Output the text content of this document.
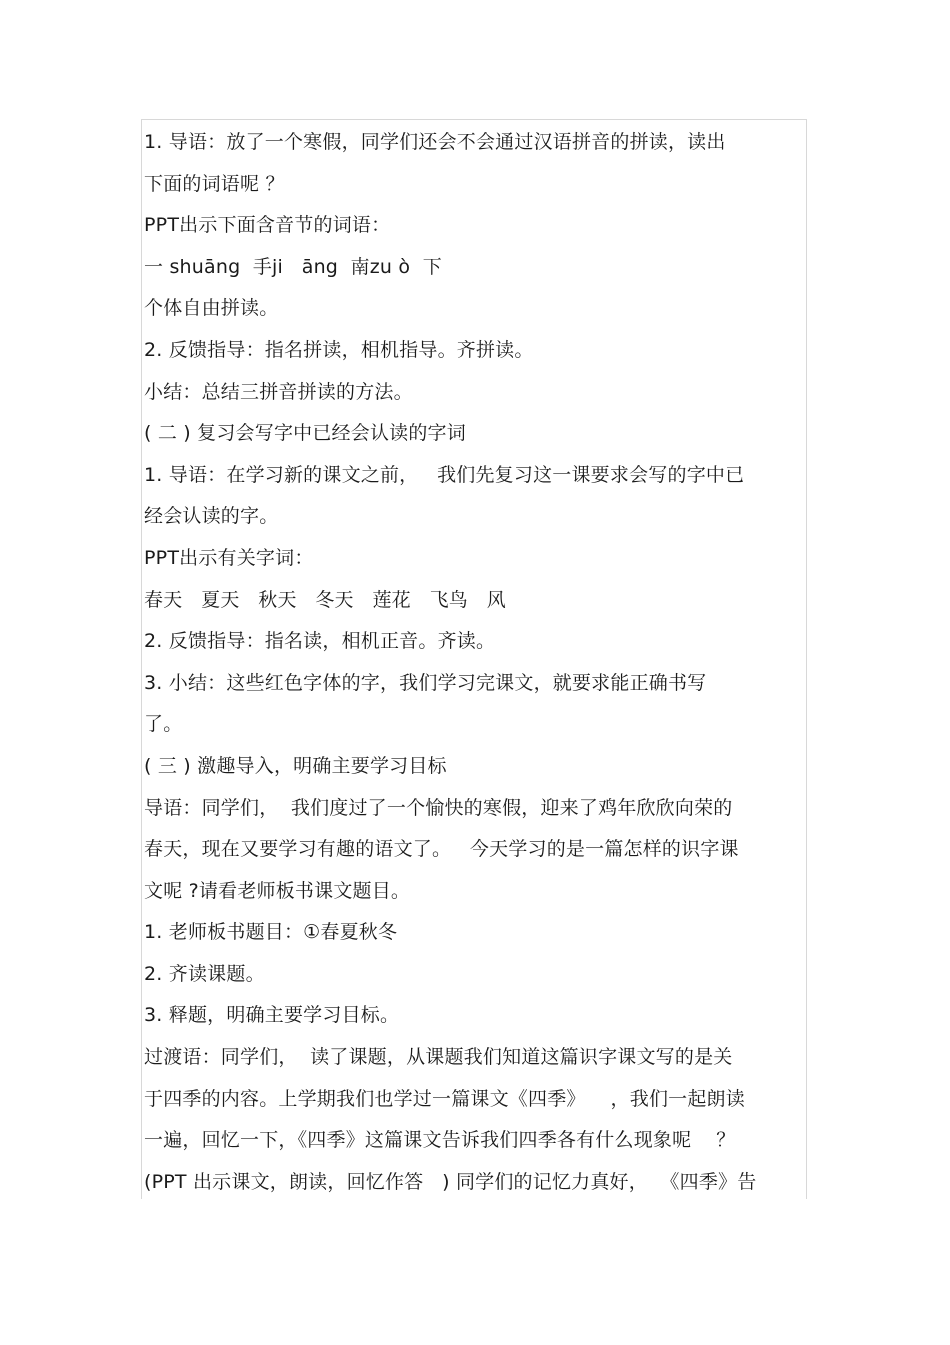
1. 导语：放了一个寒假，同学们还会不会通过汉语拼音的拼读，读出
下面的词语呢 ？
PPT出示下面含音节的词语：
一 shuāng  手ji   āng  南zu ò  下
个体自由拼读。
2. 反馈指导：指名拼读，相机指导。齐拼读。
小结：总结三拼音拼读的方法。
( 二 ) 复习会写字中已经会认读的字词
1. 导语：在学习新的课文之前，   我们先复习这一课要求会写的字中已
经会认读的字。
PPT出示有关字词：
春天   夏天   秋天   冬天   莲花   飞鸟   风
2. 反馈指导：指名读，相机正音。齐读。
3. 小结：这些红色字体的字，我们学习完课文，就要求能正确书写
了。
( 三 ) 激趣导入，明确主要学习目标
导语：同学们，  我们度过了一个愉快的寒假，迎来了鸡年欣欣向荣的
春天，现在又要学习有趣的语文了。   今天学习的是一篇怎样的识字课
文呢 ?请看老师板书课文题目。
1. 老师板书题目：①春夏秋冬
2. 齐读课题。
3. 释题，明确主要学习目标。
过渡语：同学们，  读了课题，从课题我们知道这篇识字课文写的是关
于四季的内容。上学期我们也学过一篇课文《四季》    ，我们一起朗读
一遍，回忆一下，《四季》这篇课文告诉我们四季各有什么现象呢    ？
(PPT 出示课文，朗读，回忆作答   ) 同学们的记忆力真好，  《四季》告
